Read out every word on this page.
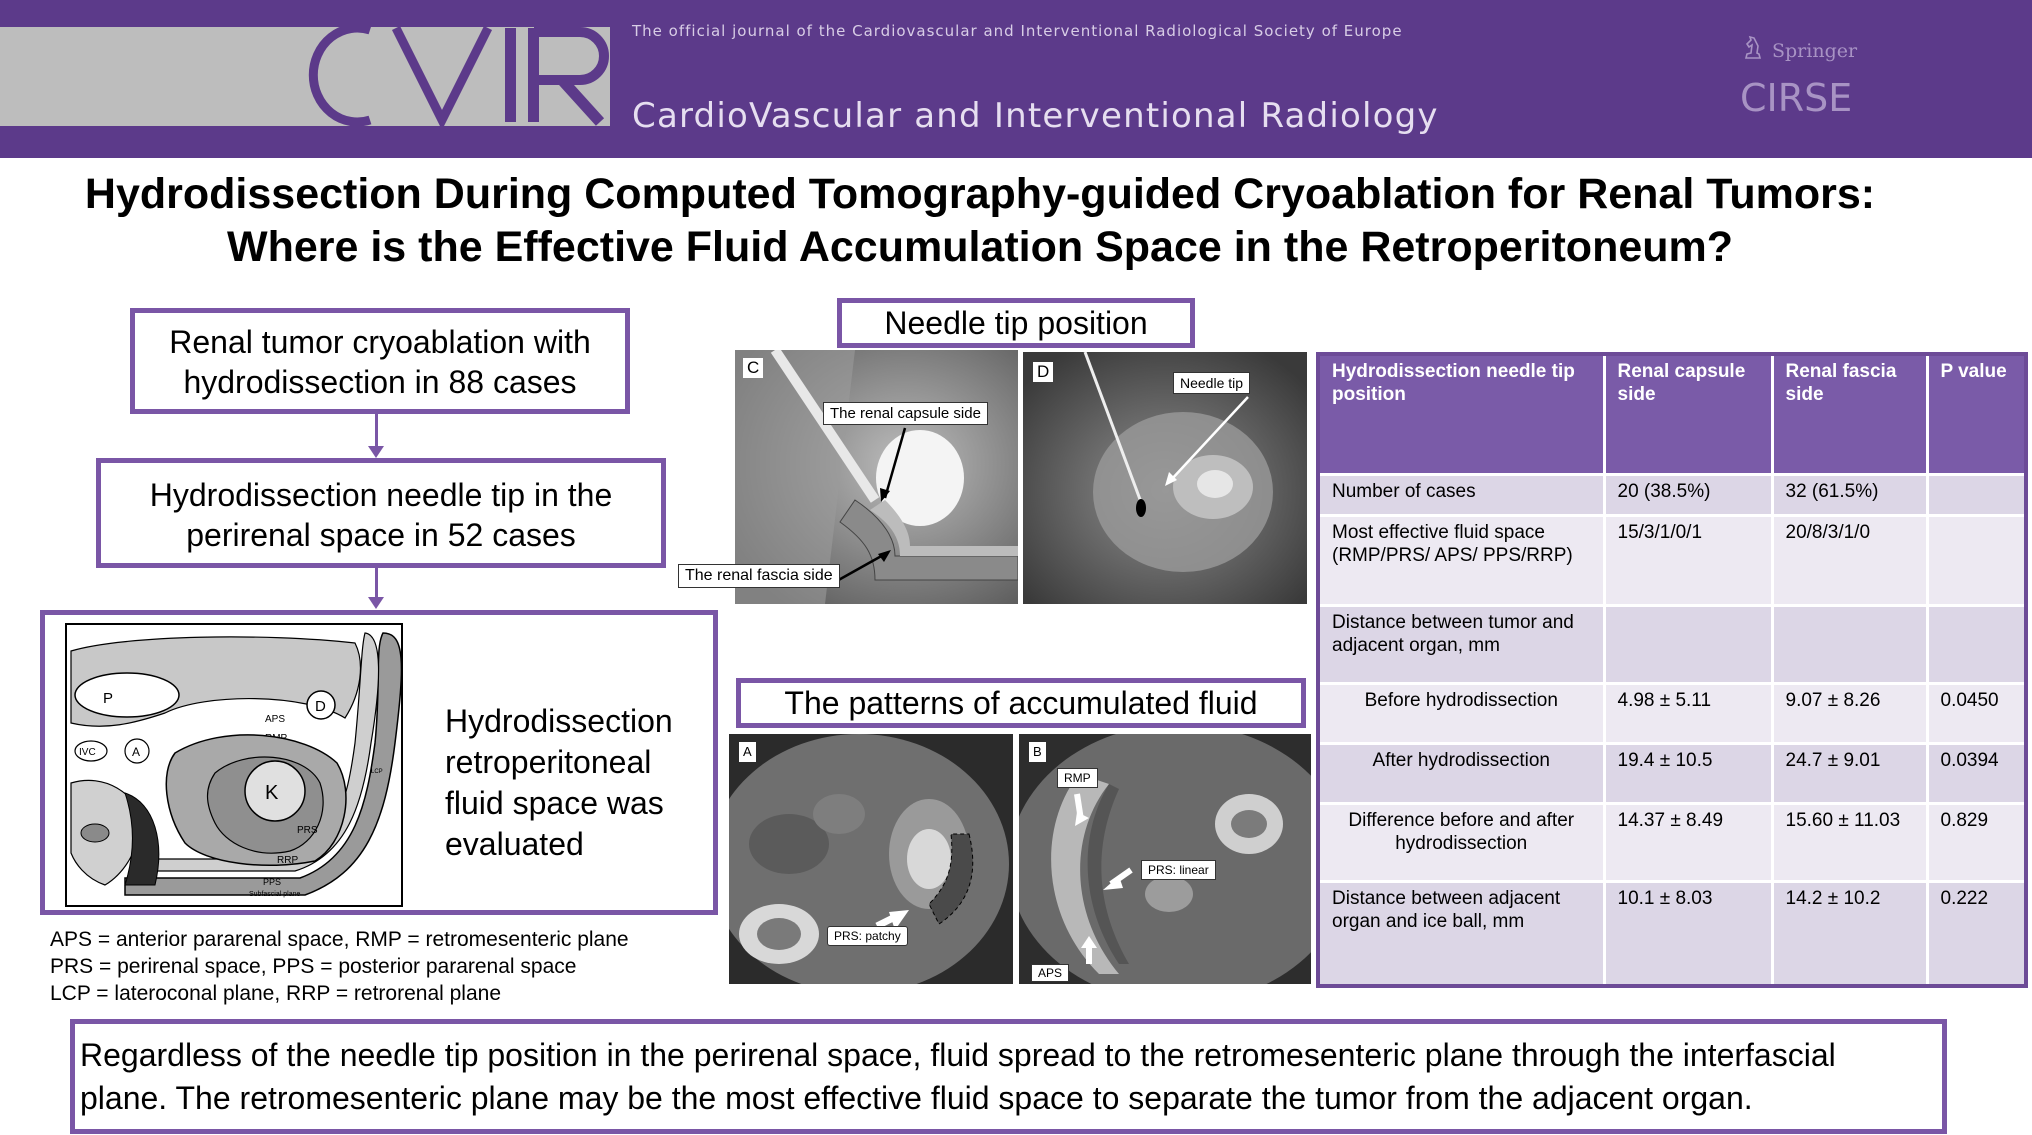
The official journal of the Cardiovascular and Interventional Radiological Society of Europe
CardioVascular and Interventional Radiology
Springer
CIRSE
Hydrodissection During Computed Tomography-guided Cryoablation for Renal Tumors:
Where is the Effective Fluid Accumulation Space in the Retroperitoneum?
Renal tumor cryoablation with
hydrodissection in 88 cases
Hydrodissection needle tip in the
perirenal space in 52 cases
P	D
APS
K
PRS
RRP
PPS
Subfascial plane
LCP
IVC	A
Hydrodissection retroperitoneal fluid space was evaluated
APS = anterior pararenal space, RMP = retromesenteric plane
PRS = perirenal space, PPS = posterior pararenal space
LCP = lateroconal plane, RRP = retrorenal plane
Needle tip position
C
The renal capsule side
The renal fascia side
D
Needle tip
The patterns of accumulated fluid
A
PRS: patchy
B
RMP
PRS: linear
APS
Hydrodissection needle tip position	Renal capsule side	Renal fascia side	P value
Number of cases	20 (38.5%)	32 (61.5%)	
Most effective fluid space (RMP/PRS/ APS/ PPS/RRP)	15/3/1/0/1	20/8/3/1/0	
Distance between tumor and adjacent organ, mm			
Before hydrodissection	4.98 ± 5.11	9.07 ± 8.26	0.0450
After hydrodissection	19.4 ± 10.5	24.7 ± 9.01	0.0394
Difference before and after hydrodissection	14.37 ± 8.49	15.60 ± 11.03	0.829
Distance between adjacent organ and ice ball, mm	10.1 ± 8.03	14.2 ± 10.2	0.222
Regardless of the needle tip position in the perirenal space, fluid spread to the retromesenteric plane through the interfascial
plane. The retromesenteric plane may be the most effective fluid space to separate the tumor from the adjacent organ.
